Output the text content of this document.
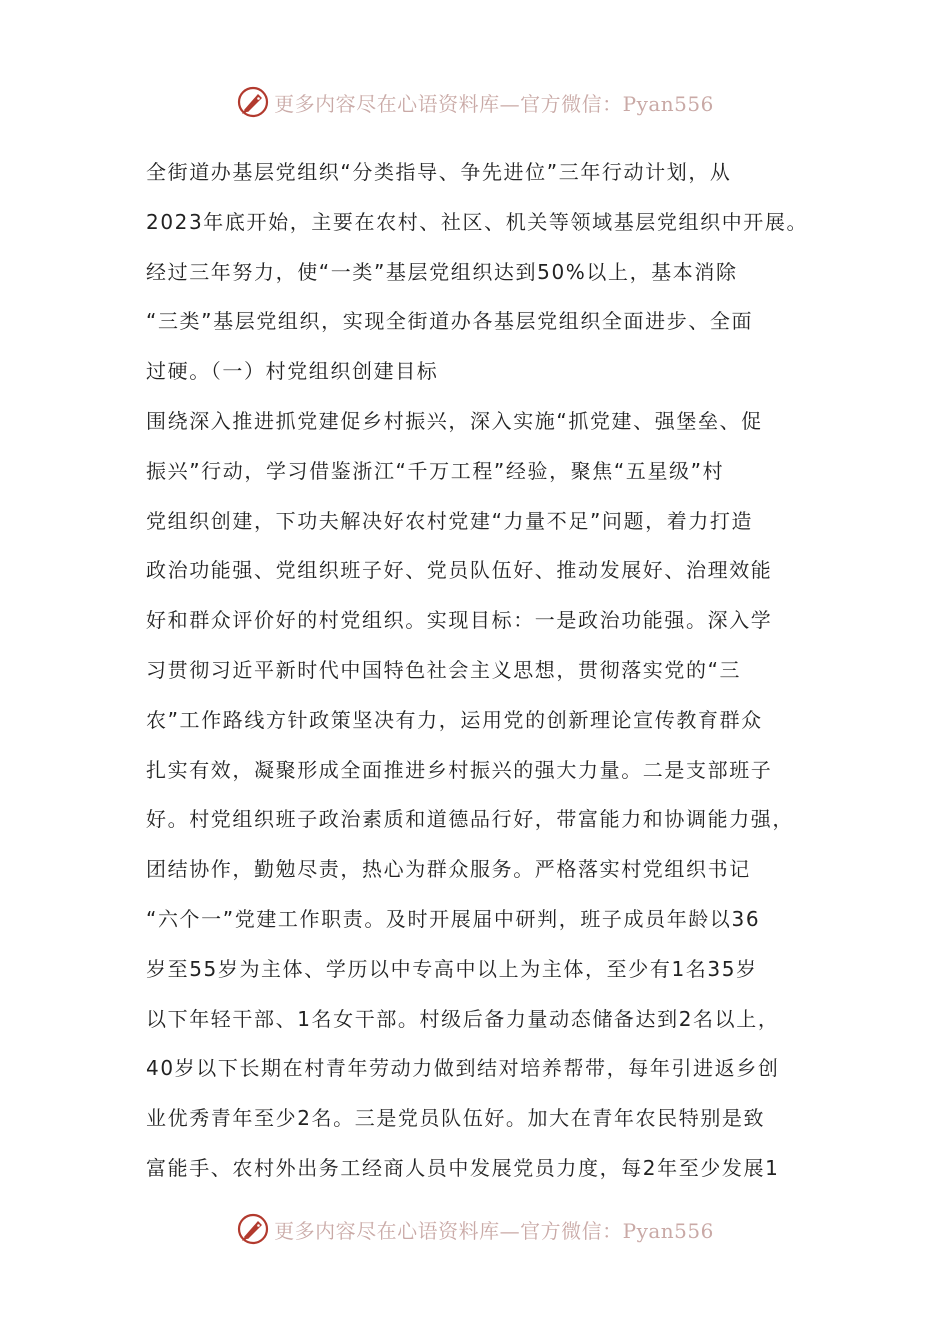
更多内容尽在心语资料库—官方微信：Pyan556
全街道办基层党组织“分类指导、争先进位”三年行动计划，从
2023年底开始，主要在农村、社区、机关等领域基层党组织中开展。
经过三年努力，使“一类”基层党组织达到50%以上，基本消除
“三类”基层党组织，实现全街道办各基层党组织全面进步、全面
过硬。（一）村党组织创建目标
围绕深入推进抓党建促乡村振兴，深入实施“抓党建、强堡垒、促
振兴”行动，学习借鉴浙江“千万工程”经验，聚焦“五星级”村
党组织创建，下功夫解决好农村党建“力量不足”问题，着力打造
政治功能强、党组织班子好、党员队伍好、推动发展好、治理效能
好和群众评价好的村党组织。实现目标：一是政治功能强。深入学
习贯彻习近平新时代中国特色社会主义思想，贯彻落实党的“三
农”工作路线方针政策坚决有力，运用党的创新理论宣传教育群众
扎实有效，凝聚形成全面推进乡村振兴的强大力量。二是支部班子
好。村党组织班子政治素质和道德品行好，带富能力和协调能力强，
团结协作，勤勉尽责，热心为群众服务。严格落实村党组织书记
“六个一”党建工作职责。及时开展届中研判，班子成员年龄以36
岁至55岁为主体、学历以中专高中以上为主体，至少有1名35岁
以下年轻干部、1名女干部。村级后备力量动态储备达到2名以上，
40岁以下长期在村青年劳动力做到结对培养帮带，每年引进返乡创
业优秀青年至少2名。三是党员队伍好。加大在青年农民特别是致
富能手、农村外出务工经商人员中发展党员力度，每2年至少发展1
更多内容尽在心语资料库—官方微信：Pyan556
